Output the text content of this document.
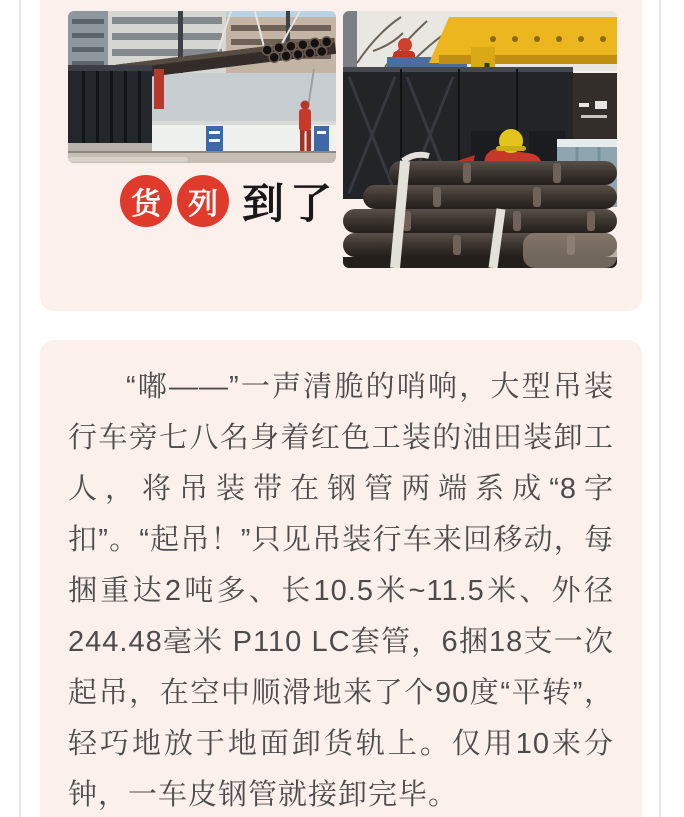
货 列 到了

“嘟——”一声清脆的哨响，大型吊装行车旁七八名身着红色工装的油田装卸工人，将吊装带在钢管两端系成“8字扣”。“起吊！”只见吊装行车来回移动，每捆重达2吨多、长10.5米~11.5米、外径244.48毫米 P110 LC套管，6捆18支一次起吊，在空中顺滑地来了个90度“平转”，轻巧地放于地面卸货轨上。仅用10来分钟，一车皮钢管就接卸完毕。
